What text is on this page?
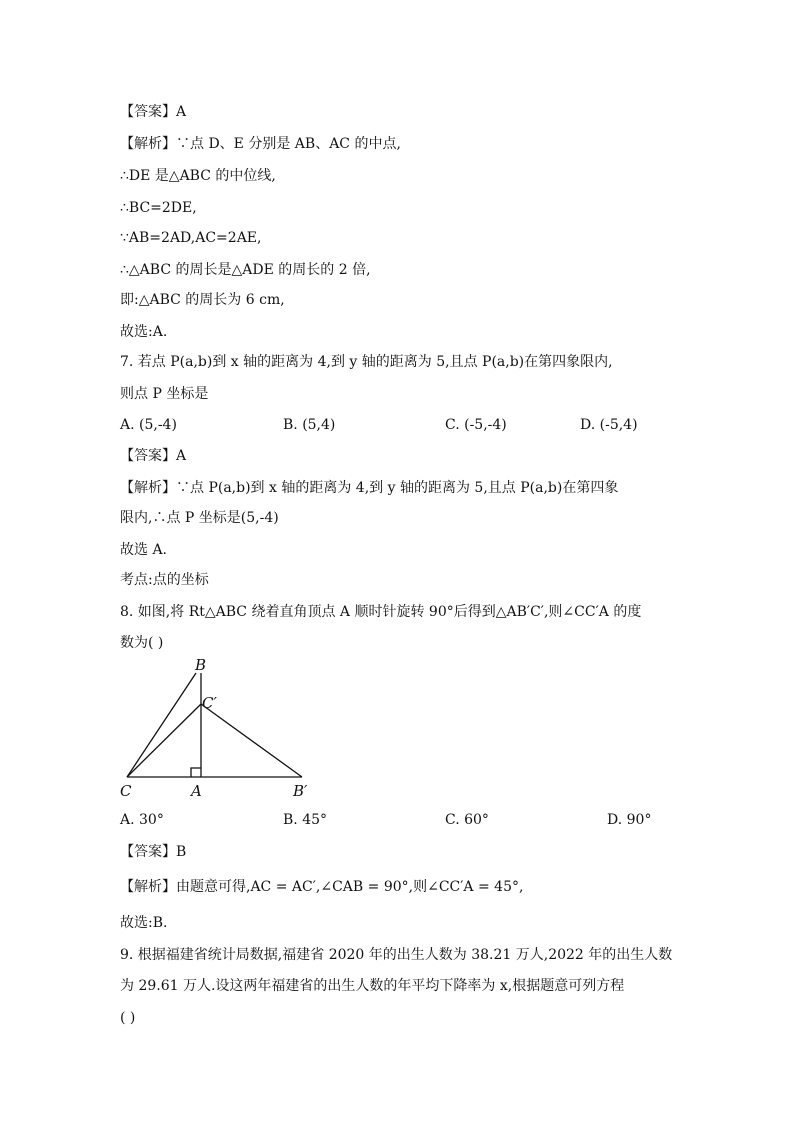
【答案】A
【解析】∵点 D、E 分别是 AB、AC 的中点,
∴DE 是△ABC 的中位线,
∴BC=2DE,
∵AB=2AD,AC=2AE,
∴△ABC 的周长是△ADE 的周长的 2 倍,
即:△ABC 的周长为 6 cm,
故选:A.
7. 若点 P(a,b)到 x 轴的距离为 4,到 y 轴的距离为 5,且点 P(a,b)在第四象限内,
则点 P 坐标是
A. (5,-4)	B. (5,4)	C. (-5,-4)	D. (-5,4)
【答案】A
【解析】∵点 P(a,b)到 x 轴的距离为 4,到 y 轴的距离为 5,且点 P(a,b)在第四象
限内,∴点 P 坐标是(5,-4)
故选 A.
考点:点的坐标
8. 如图,将 Rt△ABC 绕着直角顶点 A 顺时针旋转 90°后得到△AB′C′,则∠CC′A 的度
数为( )
B
C′
C	A	B′
A. 30°	B. 45°	C. 60°	D. 90°
【答案】B
【解析】由题意可得,AC = AC′,∠CAB = 90°,则∠CC′A = 45°,
故选:B.
9. 根据福建省统计局数据,福建省 2020 年的出生人数为 38.21 万人,2022 年的出生人数
为 29.61 万人.设这两年福建省的出生人数的年平均下降率为 x,根据题意可列方程
( )
